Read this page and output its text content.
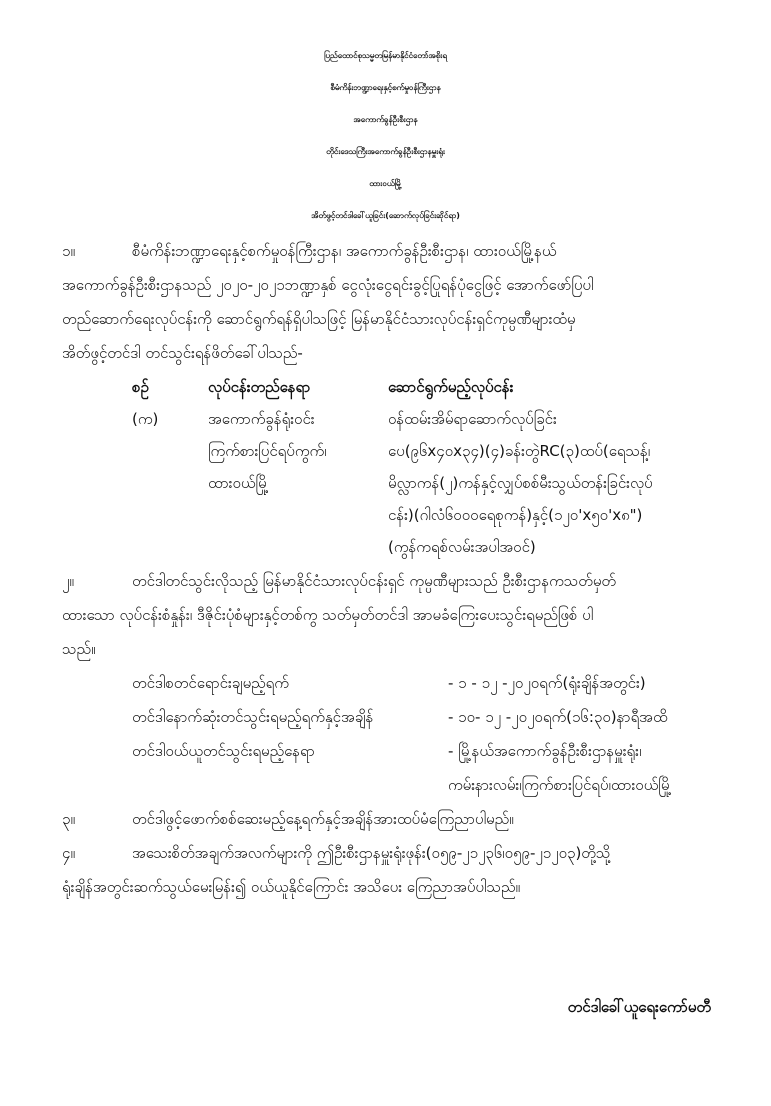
ပြည်ထောင်စုသမ္မတမြန်မာနိုင်ငံတော်အစိုးရ
စီမံကိန်းဘဏ္ဍာရေးနှင့်စက်မှုဝန်ကြီးဌာန
အကောက်ခွန်ဦးစီးဌာန
တိုင်းဒေသကြီးအကောက်ခွန်ဦးစီးဌာနမှူးရုံး
ထားဝယ်မြို့
အိတ်ဖွင့်တင်ဒါခေါ်ယူခြင်း(ဆောက်လုပ်ခြင်းဆိုင်ရာ)
၁။	စီမံကိန်းဘဏ္ဍာရေးနှင့်စက်မှုဝန်ကြီးဌာန၊ အကောက်ခွန်ဦးစီးဌာန၊ ထားဝယ်မြို့နယ်
အကောက်ခွန်ဦးစီးဌာနသည် ၂၀၂၀-၂၀၂၁ဘဏ္ဍာနှစ် ငွေလုံးငွေရင်းခွင့်ပြုရန်ပုံငွေဖြင့် အောက်ဖော်ပြပါ
တည်ဆောက်ရေးလုပ်ငန်းကို ဆောင်ရွက်ရန်ရှိပါသဖြင့် မြန်မာနိုင်ငံသားလုပ်ငန်းရှင်ကုမ္ပဏီများထံမှ
အိတ်ဖွင့်တင်ဒါ တင်သွင်းရန်ဖိတ်ခေါ်ပါသည်-
စဉ်	လုပ်ငန်းတည်နေရာ	ဆောင်ရွက်မည့်လုပ်ငန်း
(က)	အကောက်ခွန်ရုံးဝင်း
ကြက်စားပြင်ရပ်ကွက်၊
ထားဝယ်မြို့
ဝန်ထမ်းအိမ်ရာဆောက်လုပ်ခြင်း
ပေ(၉၆x၄၀x၃၄)(၄)ခန်းတွဲRC(၃)ထပ်(ရေသန့်၊
မိလ္လာကန်(၂)ကန်နှင့်လျှပ်စစ်မီးသွယ်တန်းခြင်းလုပ်
ငန်း)(ဂါလံ၆၀၀၀ရေစုကန်)နှင့်(၁၂ဝ'x၅ဝ'x၈")
(ကွန်ကရစ်လမ်းအပါအဝင်)
၂။	တင်ဒါတင်သွင်းလိုသည့် မြန်မာနိုင်ငံသားလုပ်ငန်းရှင် ကုမ္ပဏီများသည် ဦးစီးဌာနကသတ်မှတ်
ထားသော လုပ်ငန်းစံနှုန်း၊ ဒီဇိုင်းပုံစံများနှင့်တစ်ကွ သတ်မှတ်တင်ဒါ အာမခံကြေးပေးသွင်းရမည်ဖြစ် ပါ
သည်။
တင်ဒါစတင်ရောင်းချမည့်ရက်	- ၁ - ၁၂ -၂၀၂၀ရက်(ရုံးချိန်အတွင်း)
တင်ဒါနောက်ဆုံးတင်သွင်းရမည့်ရက်နှင့်အချိန်	- ၁၀- ၁၂ -၂၀၂၀ရက်(၁၆:၃၀)နာရီအထိ
တင်ဒါဝယ်ယူတင်သွင်းရမည့်နေရာ	- မြို့နယ်အကောက်ခွန်ဦးစီးဌာနမှူးရုံး၊
ကမ်းနားလမ်း၊ကြက်စားပြင်ရပ်၊ထားဝယ်မြို့
၃။	တင်ဒါဖွင့်ဖောက်စစ်ဆေးမည့်နေ့ရက်နှင့်အချိန်အားထပ်မံကြေညာပါမည်။
၄။	အသေးစိတ်အချက်အလက်များကို ဤဦးစီးဌာနမှူးရုံးဖုန်း(၀၅၉-၂၁၂၃၆၊၀၅၉-၂၁၂၀၃)တို့သို့
ရုံးချိန်အတွင်းဆက်သွယ်မေးမြန်း၍ ဝယ်ယူနိုင်ကြောင်း အသိပေး ကြေညာအပ်ပါသည်။
တင်ဒါခေါ်ယူရေးကော်မတီ
